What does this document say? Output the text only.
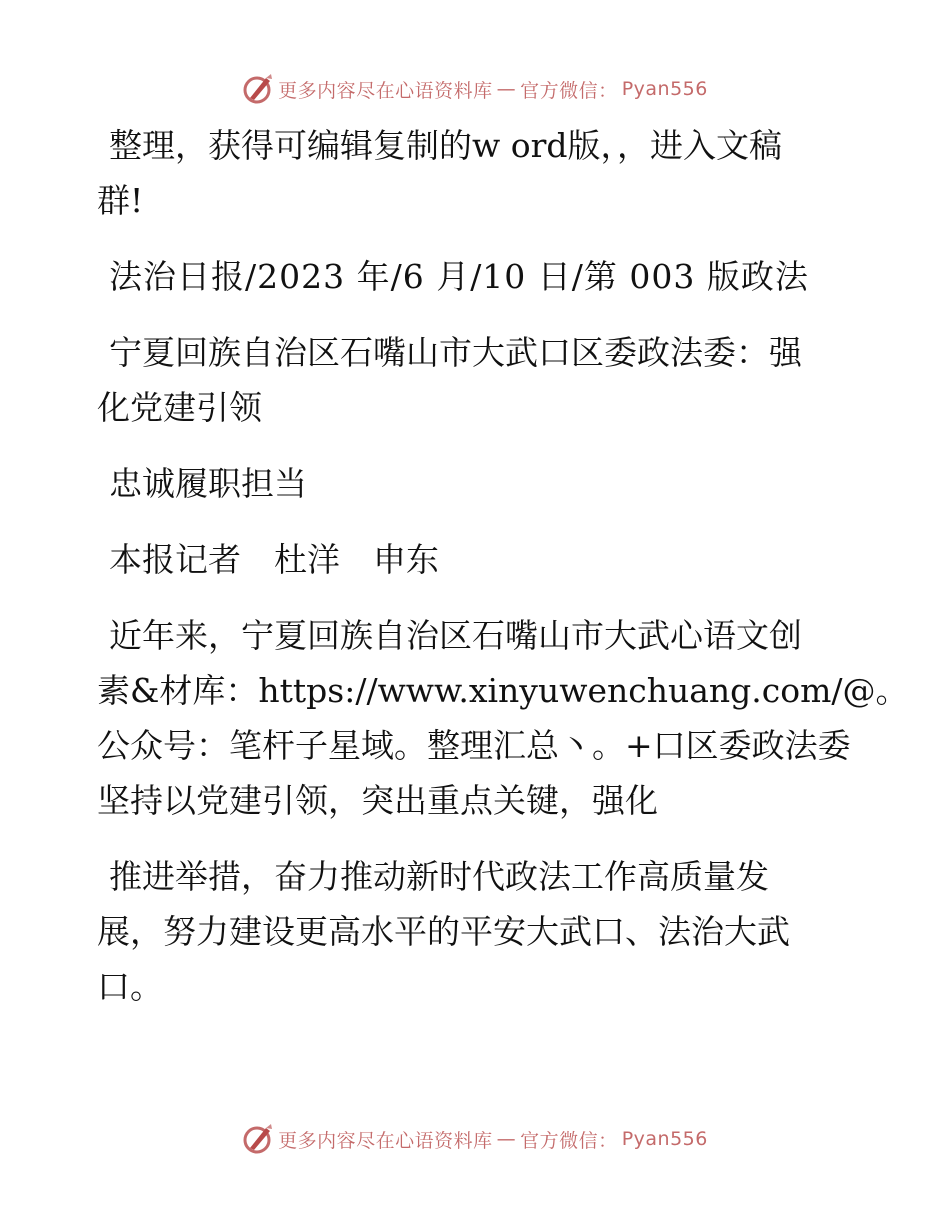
更多内容尽在心语资料库 — 官方微信： Pyan556
整理，获得可编辑复制的w ord版，，进入文稿
群!
法治日报/2023 年/6 月/10 日/第 003 版政法
宁夏回族自治区石嘴山市大武口区委政法委：强
化党建引领
忠诚履职担当
本报记者　杜洋　申东
近年来，宁夏回族自治区石嘴山市大武心语文创
素&材库：https://www.xinyuwenchuang.com/@。
公众号：笔杆子星域。整理汇总丶。+口区委政法委
坚持以党建引领，突出重点关键，强化
推进举措，奋力推动新时代政法工作高质量发
展，努力建设更高水平的平安大武口、法治大武
口。
更多内容尽在心语资料库 — 官方微信： Pyan556
